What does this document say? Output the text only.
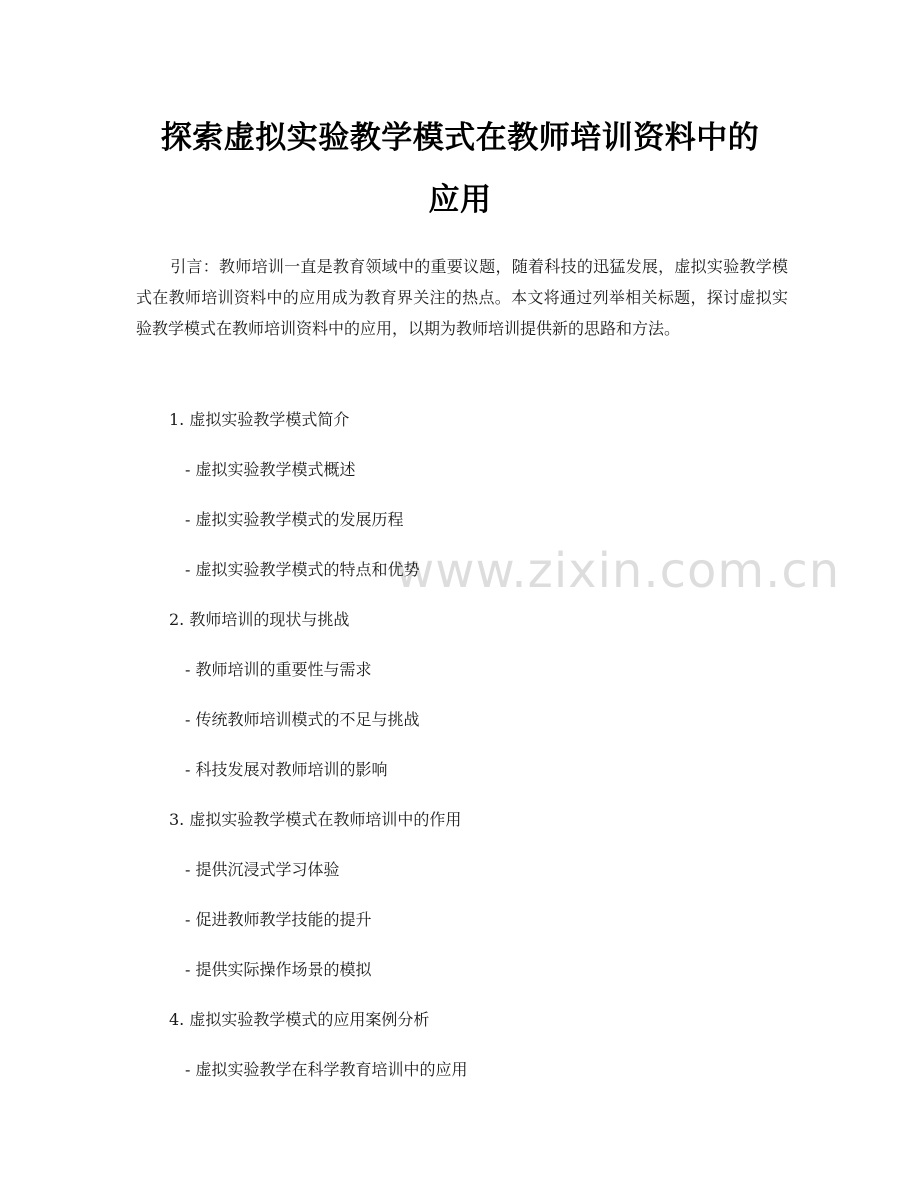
探索虚拟实验教学模式在教师培训资料中的
应用

引言：教师培训一直是教育领域中的重要议题，随着科技的迅猛发展，虚拟实验教学模式在教师培训资料中的应用成为教育界关注的热点。本文将通过列举相关标题，探讨虚拟实验教学模式在教师培训资料中的应用，以期为教师培训提供新的思路和方法。

1. 虚拟实验教学模式简介

- 虚拟实验教学模式概述

- 虚拟实验教学模式的发展历程

- 虚拟实验教学模式的特点和优势

2. 教师培训的现状与挑战

- 教师培训的重要性与需求

- 传统教师培训模式的不足与挑战

- 科技发展对教师培训的影响

3. 虚拟实验教学模式在教师培训中的作用

- 提供沉浸式学习体验

- 促进教师教学技能的提升

- 提供实际操作场景的模拟

4. 虚拟实验教学模式的应用案例分析

- 虚拟实验教学在科学教育培训中的应用

www.zixin.com.cn
